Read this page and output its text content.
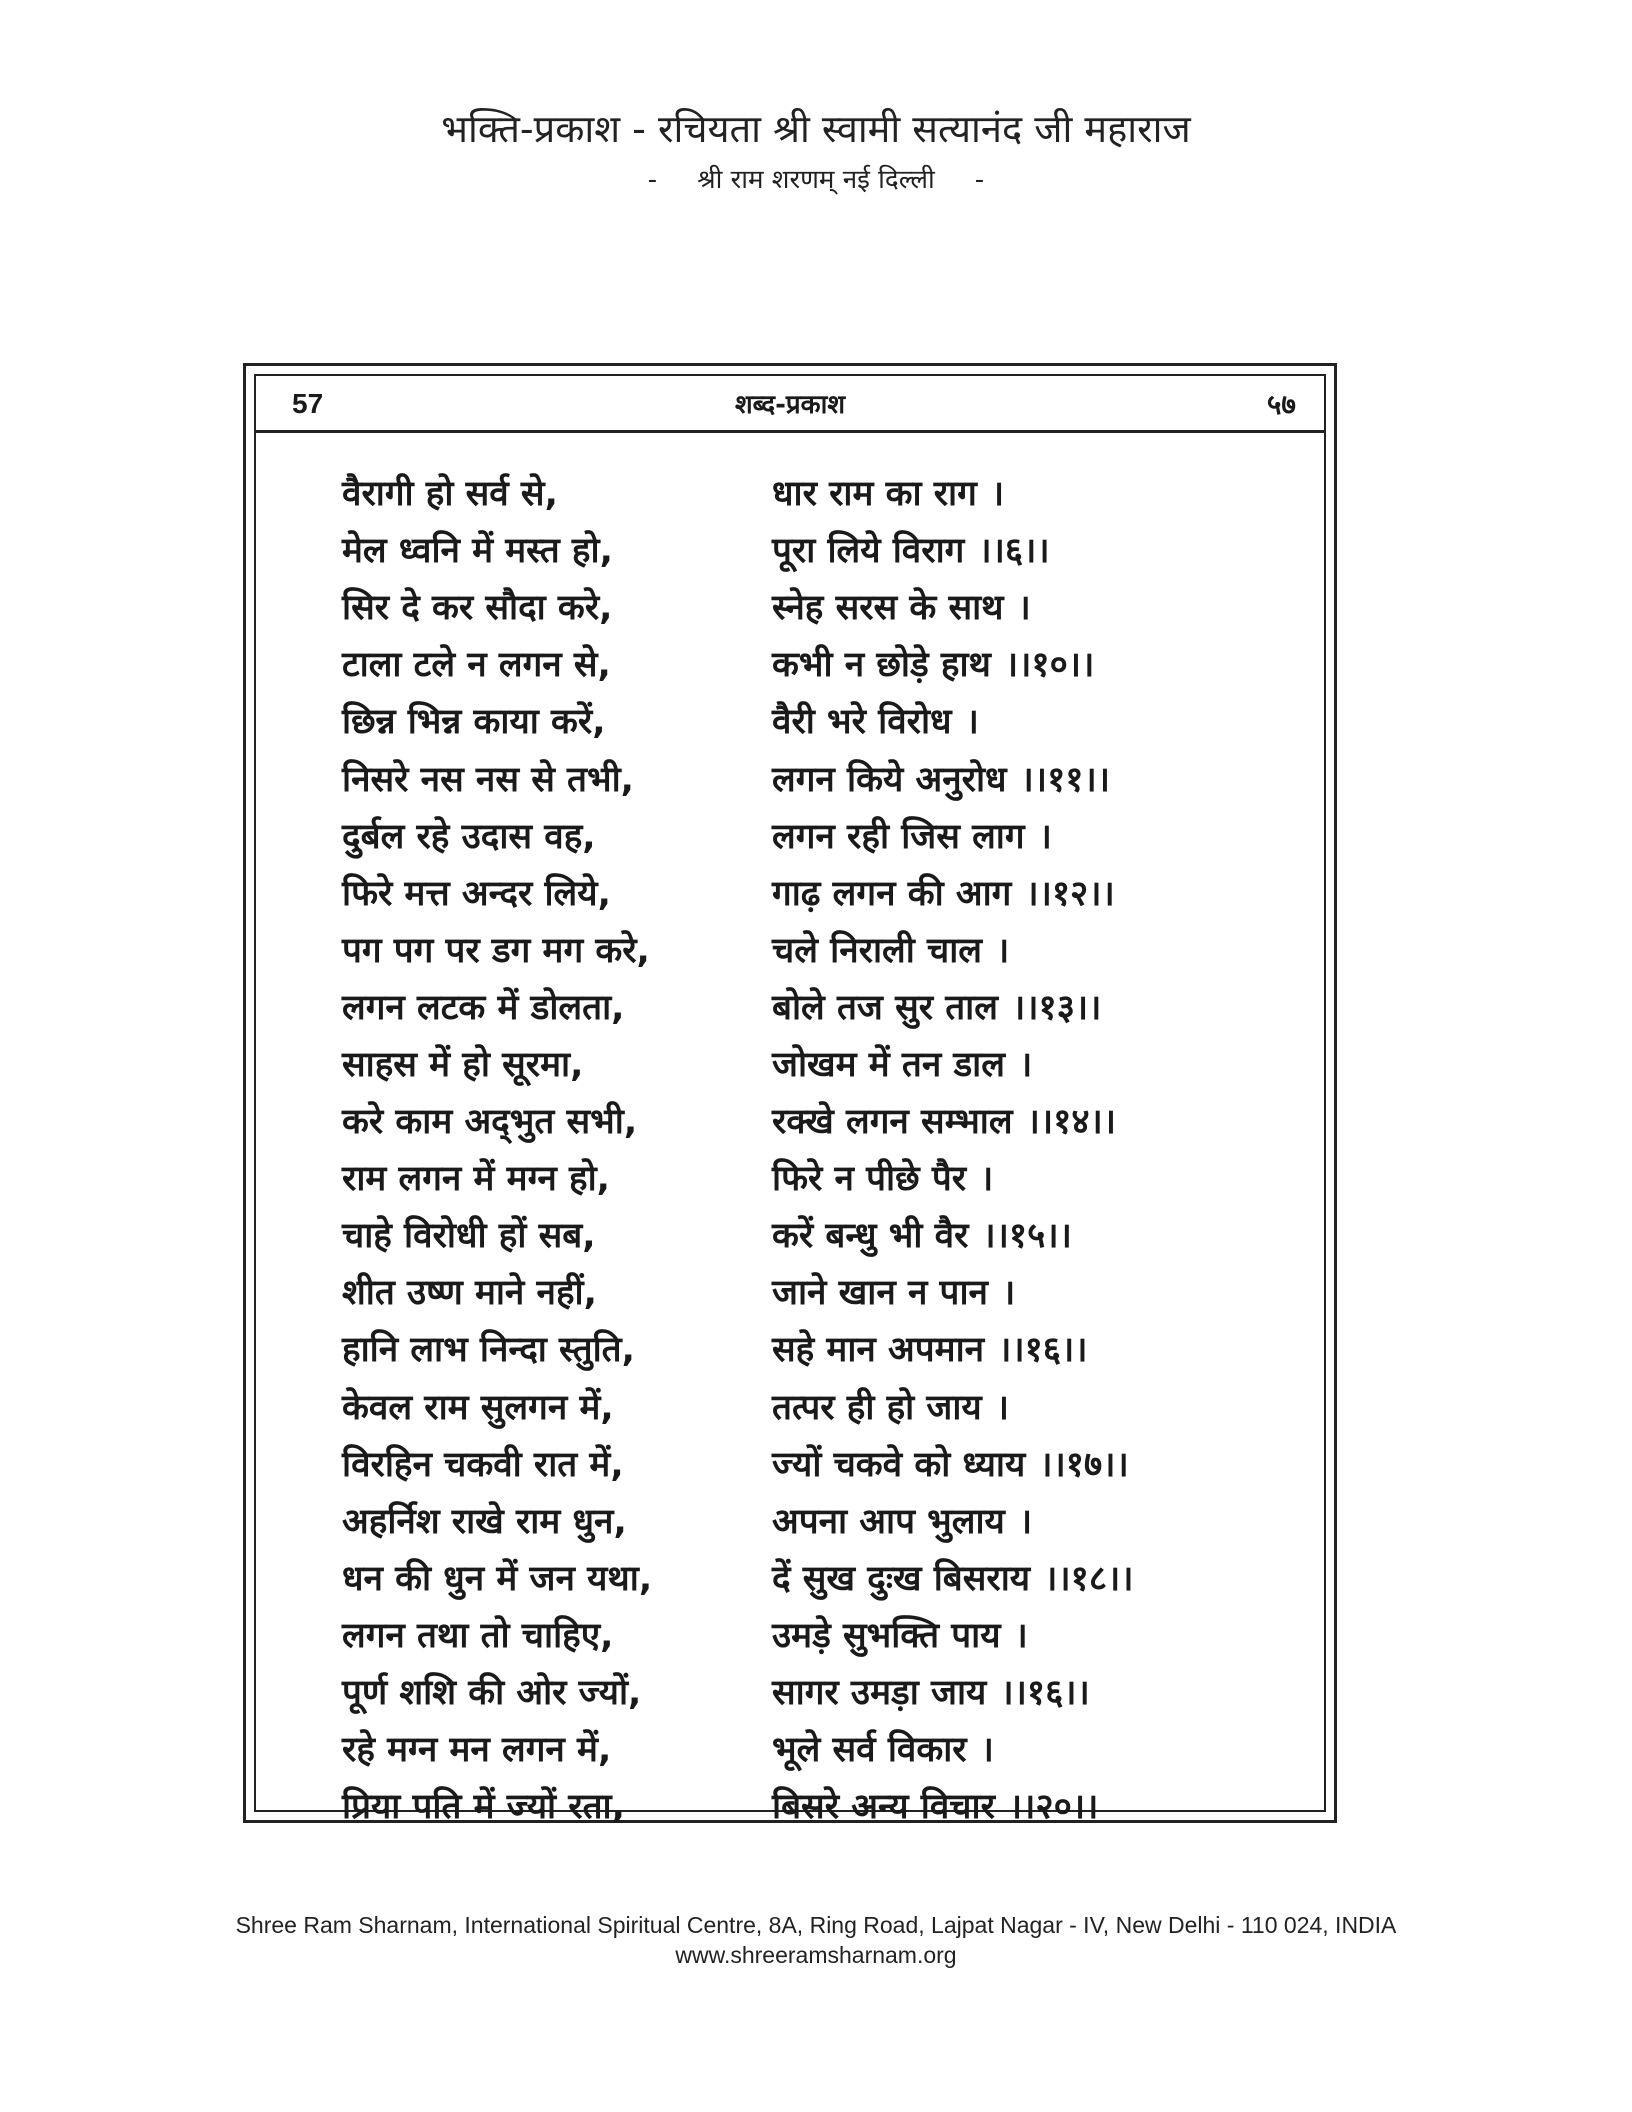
भक्ति-प्रकाश - रचियता श्री स्वामी सत्यानंद जी महाराज
- श्री राम शरणम् नई दिल्ली -
57	शब्द-प्रकाश	५७
वैरागी हो सर्व से,	धार राम का राग ।
मेल ध्वनि में मस्त हो,	पूरा लिये विराग ।।६।।
सिर दे कर सौदा करे,	स्नेह सरस के साथ ।
टाला टले न लगन से,	कभी न छोड़े हाथ ।।१०।।
छिन्न भिन्न काया करें,	वैरी भरे विरोध ।
निसरे नस नस से तभी,	लगन किये अनुरोध ।।११।।
दुर्बल रहे उदास वह,	लगन रही जिस लाग ।
फिरे मत्त अन्दर लिये,	गाढ़ लगन की आग ।।१२।।
पग पग पर डग मग करे,	चले निराली चाल ।
लगन लटक में डोलता,	बोले तज सुर ताल ।।१३।।
साहस में हो सूरमा,	जोखम में तन डाल ।
करे काम अद्‌भुत सभी,	रक्खे लगन सम्भाल ।।१४।।
राम लगन में मग्न हो,	फिरे न पीछे पैर ।
चाहे विरोधी हों सब,	करें बन्धु भी वैर ।।१५।।
शीत उष्ण माने नहीं,	जाने खान न पान ।
हानि लाभ निन्दा स्तुति,	सहे मान अपमान ।।१६।।
केवल राम सुलगन में,	तत्पर ही हो जाय ।
विरहिन चकवी रात में,	ज्यों चकवे को ध्याय ।।१७।।
अहर्निश राखे राम धुन,	अपना आप भुलाय ।
धन की धुन में जन यथा,	दें सुख दुःख बिसराय ।।१८।।
लगन तथा तो चाहिए,	उमड़े सुभक्ति पाय ।
पूर्ण शशि की ओर ज्यों,	सागर उमड़ा जाय ।।१६।।
रहे मग्न मन लगन में,	भूले सर्व विकार ।
प्रिया पति में ज्यों रता,	बिसरे अन्य विचार ।।२०।।
Shree Ram Sharnam, International Spiritual Centre, 8A, Ring Road, Lajpat Nagar - IV, New Delhi - 110 024, INDIA
www.shreeramsharnam.org
